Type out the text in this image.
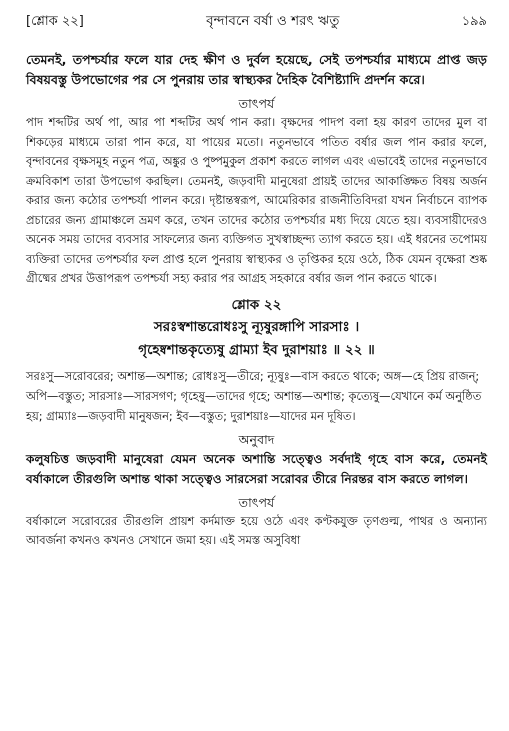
[শ্লোক ২২]	বৃন্দাবনে বর্ষা ও শরৎ ঋতু	১৯৯

তেমনই, তপশ্চর্যার ফলে যার দেহ ক্ষীণ ও দুর্বল হয়েছে, সেই তপশ্চর্যার মাধ্যমে প্রাপ্ত জড় বিষয়বস্তু উপভোগের পর সে পুনরায় তার স্বাস্থ্যকর দৈহিক বৈশিষ্ট্যাদি প্রদর্শন করে।

তাৎপর্য

পাদ শব্দটির অর্থ পা, আর পা শব্দটির অর্থ পান করা। বৃক্ষদের পাদপ বলা হয় কারণ তাদের মুল বা শিকড়ের মাধ্যমে তারা পান করে, যা পায়ের মতো। নতুনভাবে পতিত বর্ষার জল পান করার ফলে, বৃন্দাবনের বৃক্ষসমূহ নতুন পত্র, অঙ্কুর ও পুষ্পমুকুল প্রকাশ করতে লাগল এবং এভাবেই তাদের নতুনভাবে ক্রমবিকাশ তারা উপভোগ করছিল। তেমনই, জড়বাদী মানুষেরা প্রায়ই তাদের আকাঙ্ক্ষিত বিষয় অর্জন করার জন্য কঠোর তপশ্চর্যা পালন করে। দৃষ্টান্তস্বরূপ, আমেরিকার রাজনীতিবিদরা যখন নির্বাচনে ব্যাপক প্রচারের জন্য গ্রামাঞ্চলে ভ্রমণ করে, তখন তাদের কঠোর তপশ্চর্যার মধ্য দিয়ে যেতে হয়। ব্যবসায়ীদেরও অনেক সময় তাদের ব্যবসার সাফল্যের জন্য ব্যক্তিগত সুখস্বাচ্ছন্দ্য ত্যাগ করতে হয়। এই ধরনের তপোময় ব্যক্তিরা তাদের তপশ্চর্যার ফল প্রাপ্ত হলে পুনরায় স্বাস্থ্যকর ও তৃপ্তিকর হয়ে ওঠে, ঠিক যেমন বৃক্ষেরা শুষ্ক গ্রীষ্মের প্রখর উত্তাপরূপ তপশ্চর্যা সহ্য করার পর আগ্রহ সহকারে বর্ষার জল পান করতে থাকে।

শ্লোক ২২
সরঃস্বশান্তরোধঃসু ন্যূষুরঙ্গাপি সারসাঃ ।
গৃহেষ্বশান্তকৃত্যেষু গ্রাম্যা ইব দুরাশয়াঃ ॥ ২২ ॥

সরঃসু—সরোবরের; অশান্ত—অশান্ত; রোধঃসু—তীরে; ন্যূষুঃ—বাস করতে থাকে; অঙ্গ—হে প্রিয় রাজন্; অপি—বস্তুত; সারসাঃ—সারসগণ; গৃহেষু—তাদের গৃহে; অশান্ত—অশান্ত; কৃত্যেষু—যেখানে কর্ম অনুষ্ঠিত হয়; গ্রাম্যাঃ—জড়বাদী মানুষজন; ইব—বস্তুত; দুরাশয়াঃ—যাদের মন দূষিত।

অনুবাদ

কলুষচিত্ত জড়বাদী মানুষেরা যেমন অনেক অশান্তি সত্ত্বেও সর্বদাই গৃহে বাস করে, তেমনই বর্ষাকালে তীরগুলি অশান্ত থাকা সত্ত্বেও সারসেরা সরোবর তীরে নিরন্তর বাস করতে লাগল।

তাৎপর্য

বর্ষাকালে সরোবরের তীরগুলি প্রায়শ কর্দমাক্ত হয়ে ওঠে এবং কণ্টকযুক্ত তৃণগুল্ম, পাথর ও অন্যান্য আবর্জনা কখনও কখনও সেখানে জমা হয়। এই সমস্ত অসুবিধা
